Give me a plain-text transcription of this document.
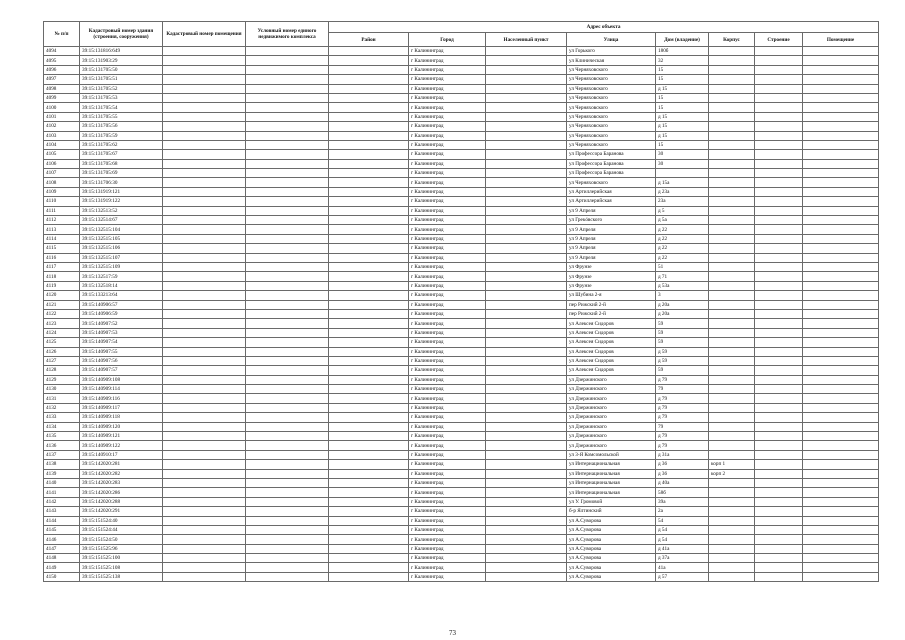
№ п/п	Кадастровый номер здания (строения, сооружения)	Кадастровый номер помещения	Условный номер единого недвижимого комплекса	Адрес объекта							
				Район	Город	Населенный пункт	Улица	Дом (владение)	Корпус	Строение	Помещение
4094	39:15:131816:649				г Калининград		ул Горького	180б			
4095	39:15:131903:29				г Калининград		ул Клиническая	32			
4096	39:15:131705:50				г Калининград		ул Черняховского	15			
4097	39:15:131705:51				г Калининград		ул Черняховского	15			
4098	39:15:131705:52				г Калининград		ул Черняховского	д 15			
4099	39:15:131705:53				г Калининград		ул Черняховского	15			
4100	39:15:131705:54				г Калининград		ул Черняховского	15			
4101	39:15:131705:55				г Калининград		ул Черняховского	д 15			
4102	39:15:131705:56				г Калининград		ул Черняховского	д 15			
4103	39:15:131705:59				г Калининград		ул Черняховского	д 15			
4104	39:15:131705:62				г Калининград		ул Черняховского	15			
4105	39:15:131705:67				г Калининград		ул Профессора Баранова	30			
4106	39:15:131705:68				г Калининград		ул Профессора Баранова	30			
4107	39:15:131705:69				г Калининград		ул Профессора Баранова				
4108	39:15:131706:30				г Калининград		ул Черняховского	д 15а			
4109	39:15:131919:121				г Калининград		ул Артиллерийская	д 23а			
4110	39:15:131919:122				г Калининград		ул Артиллерийская	23а			
4111	39:15:132513:52				г Калининград		ул 9 Апреля	д 5			
4112	39:15:132514:67				г Калининград		ул Грекóвского	д 5а			
4113	39:15:132515:104				г Калининград		ул 9 Апреля	д 22			
4114	39:15:132515:105				г Калининград		ул 9 Апреля	д 22			
4115	39:15:132515:106				г Калининград		ул 9 Апреля	д 22			
4116	39:15:132515:107				г Калининград		ул 9 Апреля	д 22			
4117	39:15:132515:109				г Калининград		ул Фрунзе	51			
4118	39:15:132517:59				г Калининград		ул Фрунзе	д 71			
4119	39:15:132518:14				г Калининград		ул Фрунзе	д 53а			
4120	39:15:133213:64				г Калининград		ул Шубина 2-я	3			
4121	39:15:140906:57				г Калининград		пер Рижский 2-й	д 20а			
4122	39:15:140906:59				г Калининград		пер Рижский 2-й	д 20а			
4123	39:15:140907:52				г Калининград		ул Алексея Сидоров	59			
4124	39:15:140907:53				г Калининград		ул Алексея Сидоров	59			
4125	39:15:140907:54				г Калининград		ул Алексея Сидоров	59			
4126	39:15:140907:55				г Калининград		ул Алексея Сидоров	д 59			
4127	39:15:140907:56				г Калининград		ул Алексея Сидоров	д 59			
4128	39:15:140907:57				г Калининград		ул Алексея Сидоров	59			
4129	39:15:140909:108				г Калининград		ул Дзержинского	д 79			
4130	39:15:140909:114				г Калининград		ул Дзержинского	79			
4131	39:15:140909:116				г Калининград		ул Дзержинского	д 79			
4132	39:15:140909:117				г Калининград		ул Дзержинского	д 79			
4133	39:15:140909:118				г Калининград		ул Дзержинского	д 79			
4134	39:15:140909:120				г Калининград		ул Дзержинского	79			
4135	39:15:140909:121				г Калининград		ул Дзержинского	д 79			
4136	39:15:140909:122				г Калининград		ул Дзержинского	д 79			
4137	39:15:140910:17				г Калининград		ул 3-Я Комсомольской	д 31а			
4138	39:15:142020:281				г Калининград		ул Интернациональная	д 36	корп 1		
4139	39:15:142020:282				г Калининград		ул Интернациональная	д 36	корп 2		
4140	39:15:142020:283				г Калининград		ул Интернациональная	д 40а			
4141	39:15:142020:286				г Калининград		ул Интернациональная	58б			
4142	39:15:142020:288				г Калининград		ул У. Громовой	39а			
4143	39:15:142020:291				г Калининград		б-р Ялтинский	2а			
4144	39:15:151524:40				г Калининград		ул А.Суворова	54			
4145	39:15:151524:44				г Калининград		ул А.Суворова	д 54			
4146	39:15:151524:50				г Калининград		ул А.Суворова	д 54			
4147	39:15:151525:96				г Калининград		ул А.Суворова	д 41а			
4148	39:15:151525:100				г Калининград		ул А.Суворова	д 37а			
4149	39:15:151525:108				г Калининград		ул А.Суворова	41а			
4150	39:15:151525:138				г Калининград		ул А.Суворова	д 57			
73
